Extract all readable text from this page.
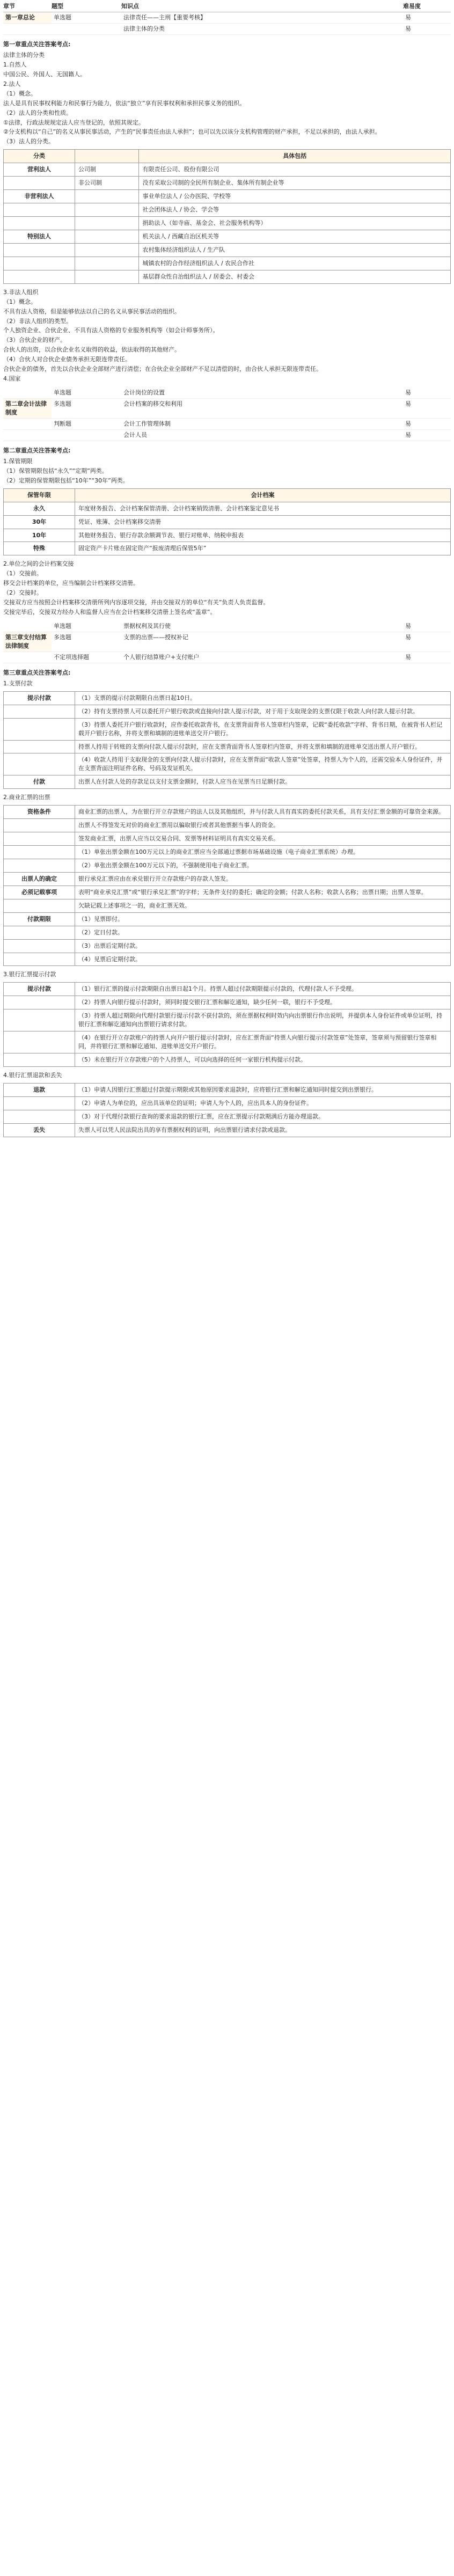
章节	题型	知识点	难易度
第一章总论	单选题	法律责任——主刑【重要考核】	易
法律主体的分类	易
第一章重点关注答案考点:
法律主体的分类
1.自然人
中国公民、外国人、无国籍人。
2.法人
（1）概念。
法人是具有民事权利能力和民事行为能力，依法“独立”享有民事权利和承担民事义务的组织。
（2）法人的分类和性质。
①法律，行政法规规定法人应当登记的，依照其规定。
②分支机构以“自己”的名义从事民事活动，产生的“民事责任由法人承担”；也可以先以该分支机构管理的财产承担，不足以承担的，由法人承担。
（3）法人的分类。
分类		具体包括
营利法人	公司制	有限责任公司、股份有限公司
	非公司制	没有采取公司制的全民所有制企业、集体所有制企业等
非营利法人		事业单位法人 / 公办医院、学校等
		社会团体法人 / 协会、学会等
		捐助法人（如寺庙、基金会、社会服务机构等）
特别法人		机关法人 / 西藏自治区机关等
		农村集体经济组织法人 / 生产队
		城镇农村的合作经济组织法人 / 农民合作社
		基层群众性自治组织法人 / 居委会、村委会
3.非法人组织
（1）概念。
不具有法人资格，但是能够依法以自己的名义从事民事活动的组织。
（2）非法人组织的类型。
个人独资企业、合伙企业、不具有法人资格的专业服务机构等（如会计师事务所）。
（3）合伙企业的财产。
合伙人的出资，以合伙企业名义取得的收益，依法取得的其他财产。
（4）合伙人对合伙企业债务承担无限连带责任。
合伙企业的债务，首先以合伙企业全部财产进行清偿；在合伙企业全部财产不足以清偿的时，由合伙人承担无限连带责任。
4.国家
单选题	会计岗位的设置	易
第二章会计法律制度
多选题	会计档案的移交和利用	易
判断题	会计工作管理体制	易
会计人员	易
第二章重点关注答案考点:
1.保管期限
（1）保管期限包括“永久”“定期”两类。
（2）定期的保管期限包括“10年”“30年”两类。
保管年限	会计档案
永久	年度财务报告、会计档案保管清册、会计档案销毁清册、会计档案鉴定意见书
30年	凭证、账簿、会计档案移交清册
10年	其他财务报告、银行存款余额调节表、银行对账单、纳税申报表
特殊	固定资产卡片账在固定资产“报废清理后保管5年”
2.单位之间的会计档案交接
（1）交接前。
移交会计档案的单位，应当编制会计档案移交清册。
（2）交接时。
交接双方应当按照会计档案移交清册所列内容逐项交接，并由交接双方的单位“有关”负责人负责监督。
交接完毕后，交接双方经办人和监督人应当在会计档案移交清册上签名或“盖章”。
单选题	票据权利及其行使	易
第三章支付结算法律制度
多选题	支票的出票——授权补记	易
不定项选择题	个人银行结算账户+支付账户	易
第三章重点关注答案考点:
1.支票付款
提示付款	（1）支票的提示付款期限自出票日起10日。
	（2）持有支票持票人可以委托开户银行收款或直接向付款人提示付款，对于用于支取现金的支票仅限于收款人向付款人提示付款。
	（3）持票人委托开户银行收款时，应作委托收款背书，在支票背面背书人签章栏内签章，记载“委托收款”字样、背书日期，在被背书人栏记载开户银行名称，并将支票和填制的进账单送交开户银行。
	持票人持用于转账的支票向付款人提示付款时，应在支票背面背书人签章栏内签章，并将支票和填制的进账单交送出票人开户银行。
	（4）收款人持用于支取现金的支票向付款人提示付款时，应在支票背面“收款人签章”处签章，持票人为个人的，还需交验本人身份证件，并在支票背面注明证件名称、号码及发证机关。
付款	出票人在付款人处的存款足以支付支票金额时，付款人应当在见票当日足额付款。
2.商业汇票的出票
资格条件	商业汇票的出票人，为在银行开立存款账户的法人以及其他组织，并与付款人具有真实的委托付款关系，具有支付汇票金额的可靠资金来源。
	出票人不得签发无对价的商业汇票用以骗取银行或者其他票据当事人的资金。
	签发商业汇票，出票人应当以交易合同、发票等材料证明具有真实交易关系。
	（1）单张出票金额在100万元以上的商业汇票应当全部通过票据市场基础设施（电子商业汇票系统）办理。
	（2）单张出票金额在100万元以下的，不强制使用电子商业汇票。
出票人的确定	银行承兑汇票应由在承兑银行开立存款账户的存款人签发。
必须记载事项	表明“商业承兑汇票”或“银行承兑汇票”的字样；无条件支付的委托；确定的金额；付款人名称；收款人名称；出票日期；出票人签章。
	欠缺记载上述事项之一的，商业汇票无效。
付款期限	（1）见票即付。
	（2）定日付款。
	（3）出票后定期付款。
	（4）见票后定期付款。
3.银行汇票提示付款
提示付款	（1）银行汇票的提示付款期限自出票日起1个月。持票人超过付款期限提示付款的，代理付款人不予受理。
	（2）持票人向银行提示付款时，须同时提交银行汇票和解讫通知，缺少任何一联，银行不予受理。
	（3）持票人超过期限向代理付款银行提示付款不获付款的，须在票据权利时效内向出票银行作出说明，并提供本人身份证件或单位证明，持银行汇票和解讫通知向出票银行请求付款。
	（4）在银行开立存款账户的持票人向开户银行提示付款时，应在汇票背面“持票人向银行提示付款签章”处签章，签章须与预留银行签章相同，并将银行汇票和解讫通知、进账单送交开户银行。
	（5）未在银行开立存款账户的个人持票人，可以向选择的任何一家银行机构提示付款。
4.银行汇票退款和丢失
退款	（1）申请人因银行汇票超过付款提示期限或其他原因要求退款时，应将银行汇票和解讫通知同时提交到出票银行。
	（2）申请人为单位的，应出具该单位的证明；申请人为个人的，应出具本人的身份证件。
	（3）对于代理付款银行查询的要求退款的银行汇票，应在汇票提示付款期满后方能办理退款。
丢失	失票人可以凭人民法院出具的享有票据权利的证明，向出票银行请求付款或退款。
